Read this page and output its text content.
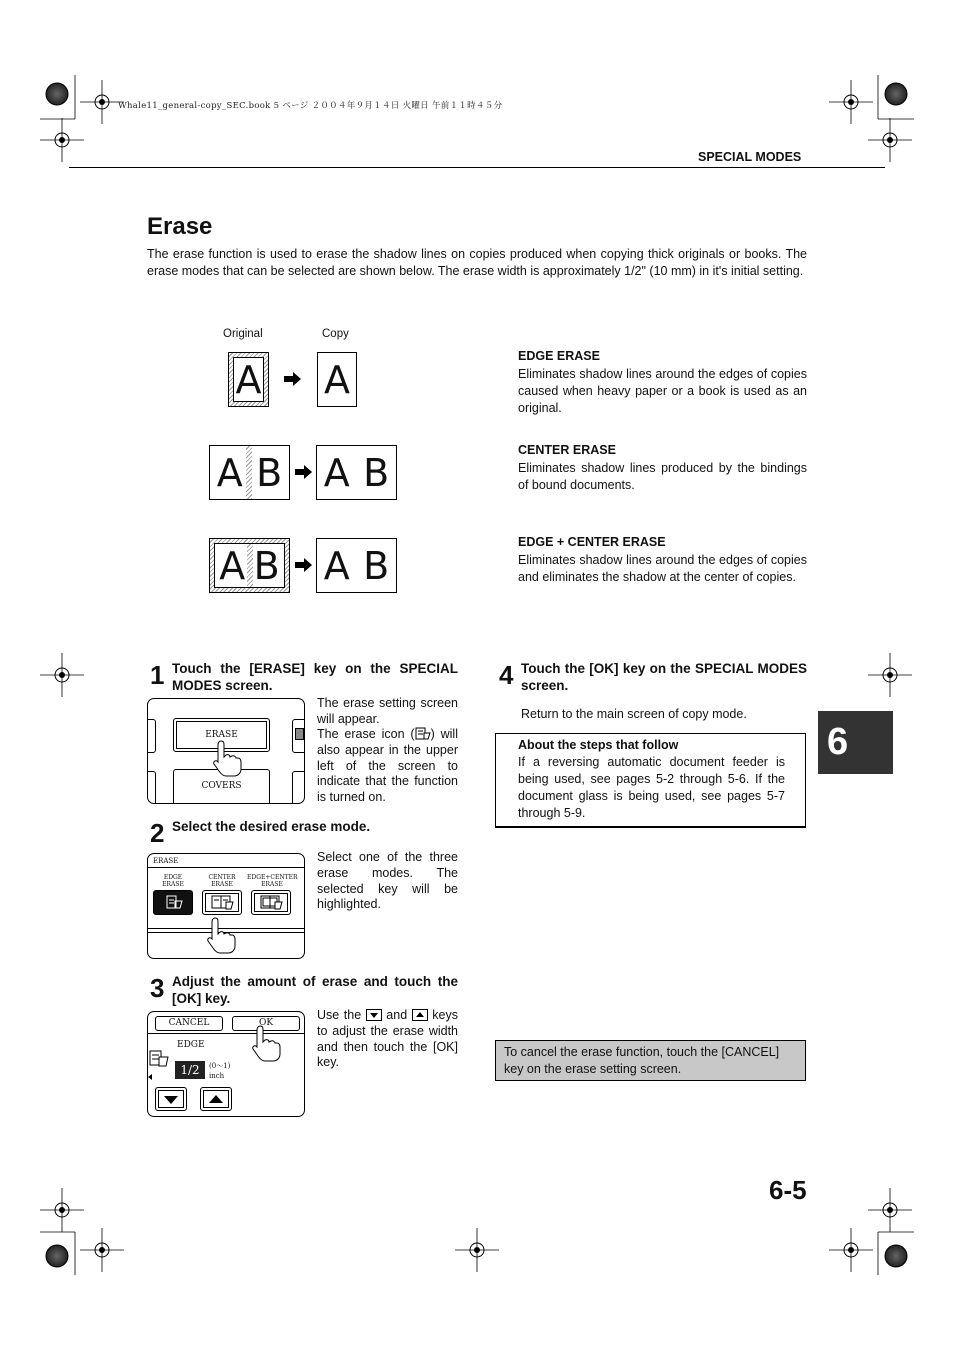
Whale11_general-copy_SEC.book 5 ページ ２００４年９月１４日 火曜日 午前１１時４５分
SPECIAL MODES
Erase
The erase function is used to erase the shadow lines on copies produced when copying thick originals or books. The erase modes that can be selected are shown below. The erase width is approximately 1/2" (10 mm) in it's initial setting.
Original	Copy
A A
A B A B
A B A B
EDGE ERASE
Eliminates shadow lines around the edges of copies caused when heavy paper or a book is used as an original.
CENTER ERASE
Eliminates shadow lines produced by the bindings of bound documents.
EDGE + CENTER ERASE
Eliminates shadow lines around the edges of copies and eliminates the shadow at the center of copies.
1 Touch the [ERASE] key on the SPECIAL MODES screen.
ERASE
COVERS
The erase setting screen will appear.
The erase icon ( ) will also appear in the upper left of the screen to indicate that the function is turned on.
2 Select the desired erase mode.
ERASE
EDGE
ERASE
CENTER
ERASE
EDGE+CENTER
ERASE
Select one of the three erase modes. The selected key will be highlighted.
3 Adjust the amount of erase and touch the [OK] key.
CANCEL	OK
EDGE
1/2	(0〜1)
inch
Use the  and  keys to adjust the erase width and then touch the [OK] key.
4 Touch the [OK] key on the SPECIAL MODES screen.
Return to the main screen of copy mode.
About the steps that follow
If a reversing automatic document feeder is being used, see pages 5-2 through 5-6. If the document glass is being used, see pages 5-7 through 5-9.
To cancel the erase function, touch the [CANCEL] key on the erase setting screen.
6
6-5
